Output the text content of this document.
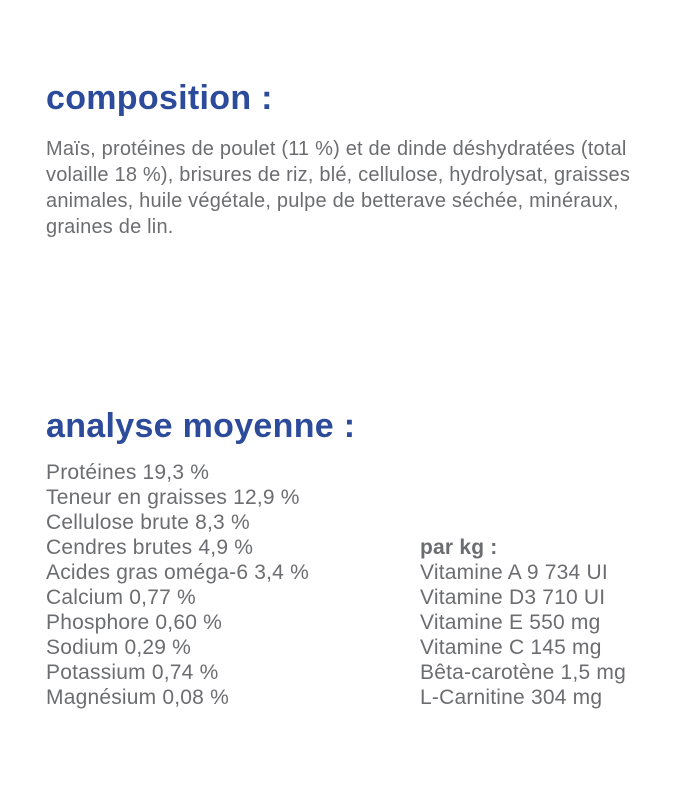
composition :

Maïs, protéines de poulet (11 %) et de dinde déshydratées (total volaille 18 %), brisures de riz, blé, cellulose, hydrolysat, graisses animales, huile végétale, pulpe de betterave séchée, minéraux, graines de lin.

analyse moyenne :
Protéines 19,3 %
Teneur en graisses 12,9 %
Cellulose brute 8,3 %
Cendres brutes 4,9 %
Acides gras oméga-6 3,4 %
Calcium 0,77 %
Phosphore 0,60 %
Sodium 0,29 %
Potassium 0,74 %
Magnésium 0,08 %
par kg :
Vitamine A 9 734 UI
Vitamine D3 710 UI
Vitamine E 550 mg
Vitamine C 145 mg
Bêta-carotène 1,5 mg
L-Carnitine 304 mg
